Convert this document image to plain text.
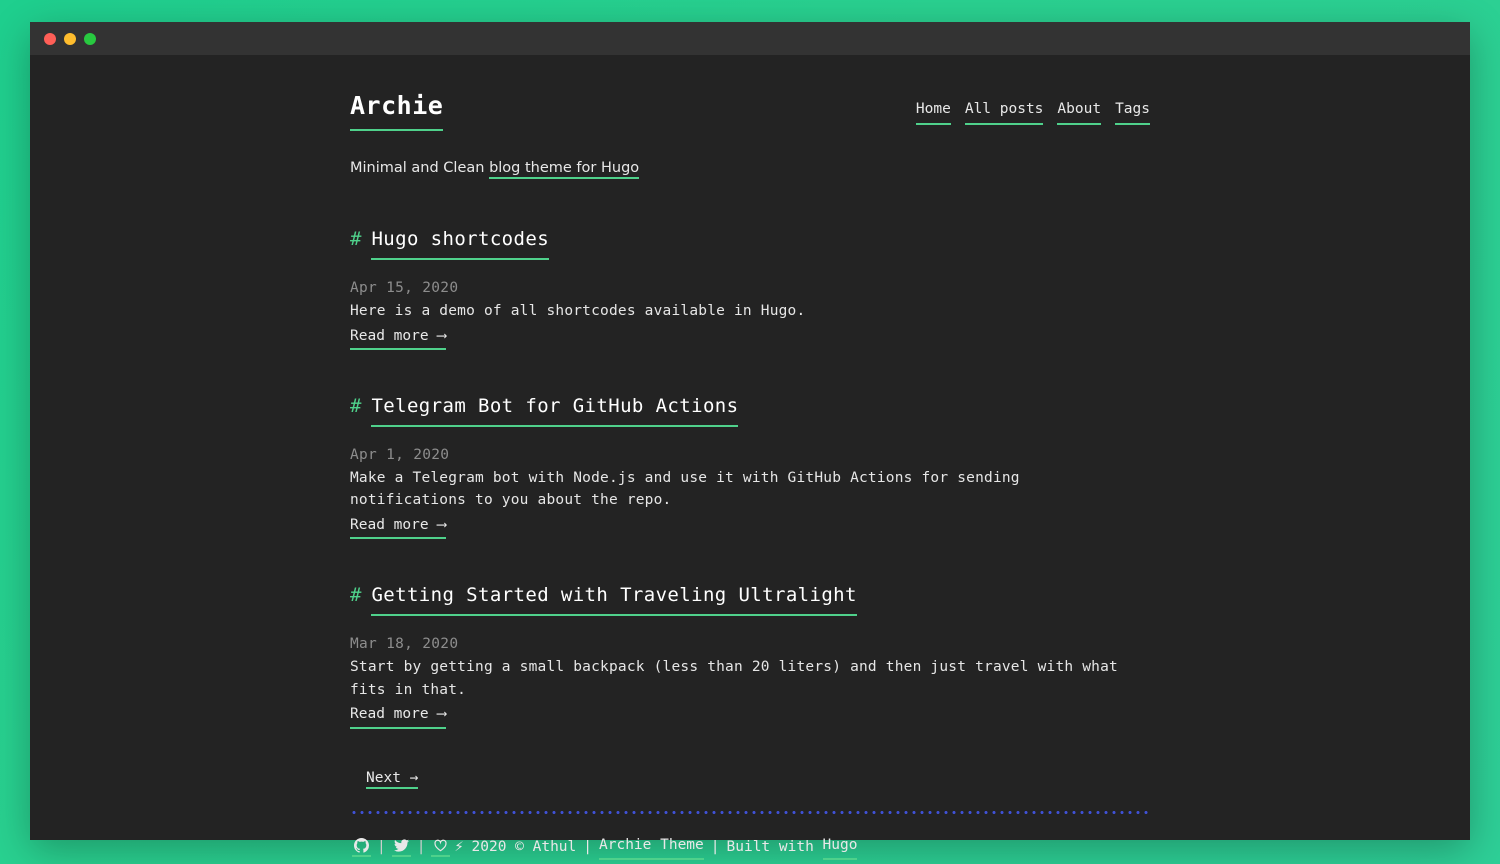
Archie	Home All posts About Tags
Minimal and Clean blog theme for Hugo
# Hugo shortcodes
Apr 15, 2020
Here is a demo of all shortcodes available in Hugo.
Read more ⟶
# Telegram Bot for GitHub Actions
Apr 1, 2020
Make a Telegram bot with Node.js and use it with GitHub Actions for sending notifications to you about the repo.
Read more ⟶
# Getting Started with Traveling Ultralight
Mar 18, 2020
Start by getting a small backpack (less than 20 liters) and then just travel with what fits in that.
Read more ⟶
Next →
| | ⚡ 2020 © Athul | Archie Theme | Built with
Hugo
